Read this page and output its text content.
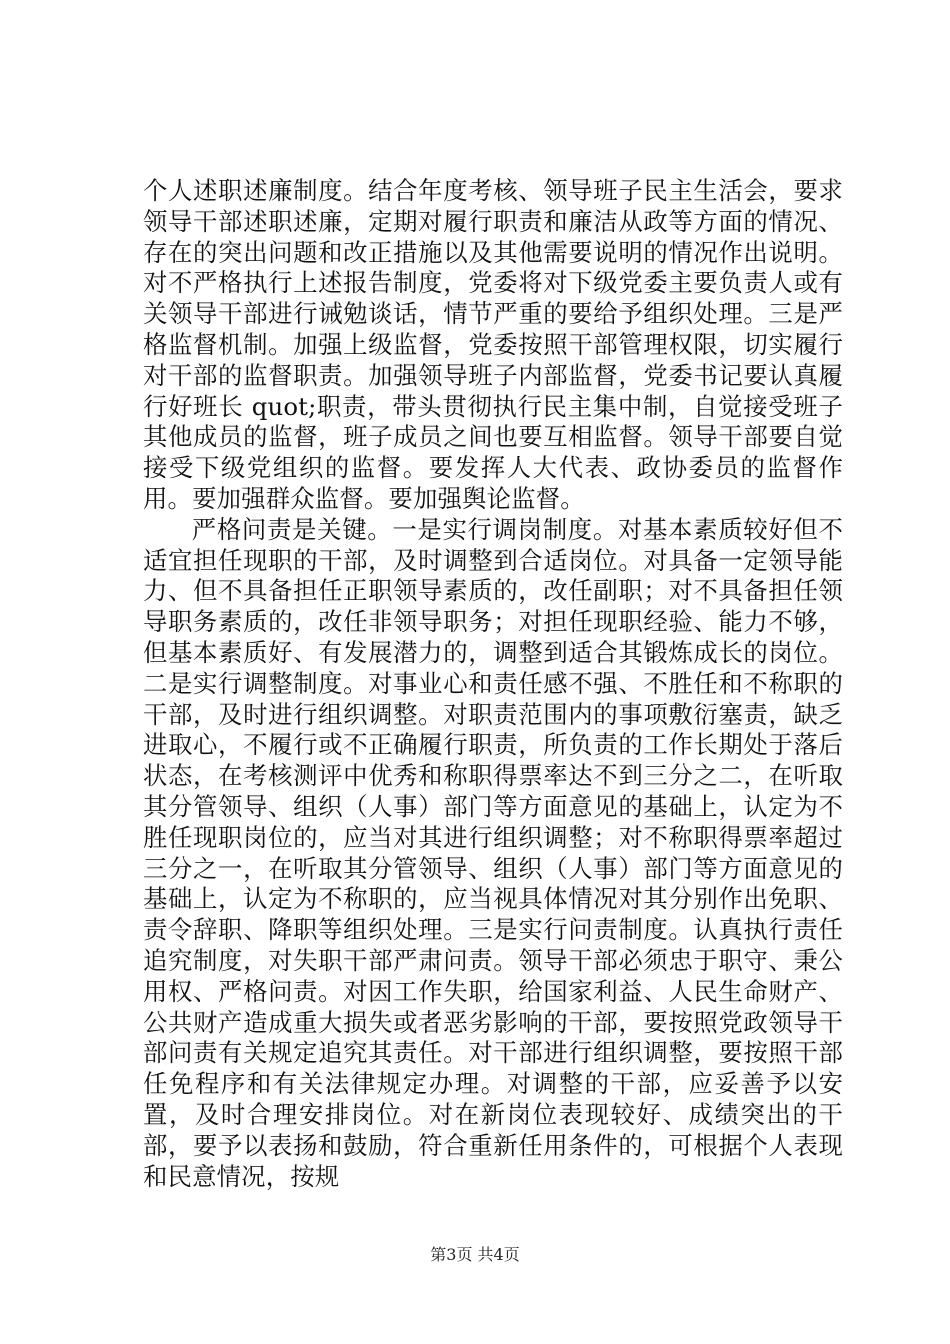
个人述职述廉制度。结合年度考核、领导班子民主生活会，要求领导干部述职述廉，定期对履行职责和廉洁从政等方面的情况、存在的突出问题和改正措施以及其他需要说明的情况作出说明。对不严格执行上述报告制度，党委将对下级党委主要负责人或有关领导干部进行诫勉谈话，情节严重的要给予组织处理。三是严格监督机制。加强上级监督，党委按照干部管理权限，切实履行对干部的监督职责。加强领导班子内部监督，党委书记要认真履行好班长 quot;职责，带头贯彻执行民主集中制，自觉接受班子其他成员的监督，班子成员之间也要互相监督。领导干部要自觉接受下级党组织的监督。要发挥人大代表、政协委员的监督作用。要加强群众监督。要加强舆论监督。

严格问责是关键。一是实行调岗制度。对基本素质较好但不适宜担任现职的干部，及时调整到合适岗位。对具备一定领导能力、但不具备担任正职领导素质的，改任副职；对不具备担任领导职务素质的，改任非领导职务；对担任现职经验、能力不够，但基本素质好、有发展潜力的，调整到适合其锻炼成长的岗位。二是实行调整制度。对事业心和责任感不强、不胜任和不称职的干部，及时进行组织调整。对职责范围内的事项敷衍塞责，缺乏进取心，不履行或不正确履行职责，所负责的工作长期处于落后状态，在考核测评中优秀和称职得票率达不到三分之二，在听取其分管领导、组织（人事）部门等方面意见的基础上，认定为不胜任现职岗位的，应当对其进行组织调整；对不称职得票率超过三分之一，在听取其分管领导、组织（人事）部门等方面意见的基础上，认定为不称职的，应当视具体情况对其分别作出免职、责令辞职、降职等组织处理。三是实行问责制度。认真执行责任追究制度，对失职干部严肃问责。领导干部必须忠于职守、秉公用权、严格问责。对因工作失职，给国家利益、人民生命财产、公共财产造成重大损失或者恶劣影响的干部，要按照党政领导干部问责有关规定追究其责任。对干部进行组织调整，要按照干部任免程序和有关法律规定办理。对调整的干部，应妥善予以安置，及时合理安排岗位。对在新岗位表现较好、成绩突出的干部，要予以表扬和鼓励，符合重新任用条件的，可根据个人表现和民意情况，按规

第3页 共4页
